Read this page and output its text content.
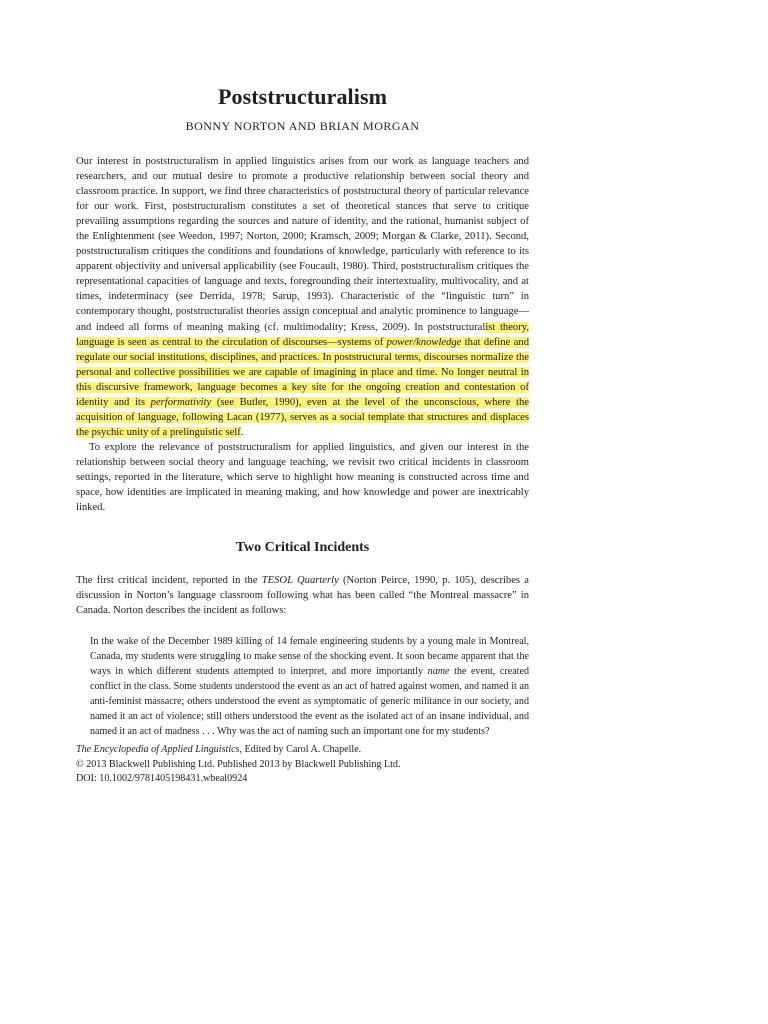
Poststructuralism
BONNY NORTON AND BRIAN MORGAN

Our interest in poststructuralism in applied linguistics arises from our work as language teachers and researchers, and our mutual desire to promote a productive relationship between social theory and classroom practice. In support, we find three characteristics of poststructural theory of particular relevance for our work. First, poststructuralism constitutes a set of theoretical stances that serve to critique prevailing assumptions regarding the sources and nature of identity, and the rational, humanist subject of the Enlightenment (see Weedon, 1997; Norton, 2000; Kramsch, 2009; Morgan & Clarke, 2011). Second, poststructuralism critiques the conditions and foundations of knowledge, particularly with reference to its apparent objectivity and universal applicability (see Foucault, 1980). Third, poststructuralism critiques the representational capacities of language and texts, foregrounding their intertextuality, multivocality, and at times, indeterminacy (see Derrida, 1978; Sarup, 1993). Characteristic of the “linguistic turn” in contemporary thought, poststructuralist theories assign conceptual and analytic prominence to language—and indeed all forms of meaning making (cf. multimodality; Kress, 2009). In poststructuralist theory, language is seen as central to the circulation of discourses—systems of power/knowledge that define and regulate our social institutions, disciplines, and practices. In poststructural terms, discourses normalize the personal and collective possibilities we are capable of imagining in place and time. No longer neutral in this discursive framework, language becomes a key site for the ongoing creation and contestation of identity and its performativity (see Butler, 1990), even at the level of the unconscious, where the acquisition of language, following Lacan (1977), serves as a social template that structures and displaces the psychic unity of a prelinguistic self.

To explore the relevance of poststructuralism for applied linguistics, and given our interest in the relationship between social theory and language teaching, we revisit two critical incidents in classroom settings, reported in the literature, which serve to highlight how meaning is constructed across time and space, how identities are implicated in meaning making, and how knowledge and power are inextricably linked.

Two Critical Incidents

The first critical incident, reported in the TESOL Quarterly (Norton Peirce, 1990, p. 105), describes a discussion in Norton’s language classroom following what has been called “the Montreal massacre” in Canada. Norton describes the incident as follows:

In the wake of the December 1989 killing of 14 female engineering students by a young male in Montreal, Canada, my students were struggling to make sense of the shocking event. It soon became apparent that the ways in which different students attempted to interpret, and more importantly name the event, created conflict in the class. Some students understood the event as an act of hatred against women, and named it an anti-feminist massacre; others understood the event as symptomatic of generic militance in our society, and named it an act of violence; still others understood the event as the isolated act of an insane individual, and named it an act of madness . . . Why was the act of naming such an important one for my students?
The Encyclopedia of Applied Linguistics, Edited by Carol A. Chapelle.
© 2013 Blackwell Publishing Ltd. Published 2013 by Blackwell Publishing Ltd.
DOI: 10.1002/9781405198431.wbeal0924
